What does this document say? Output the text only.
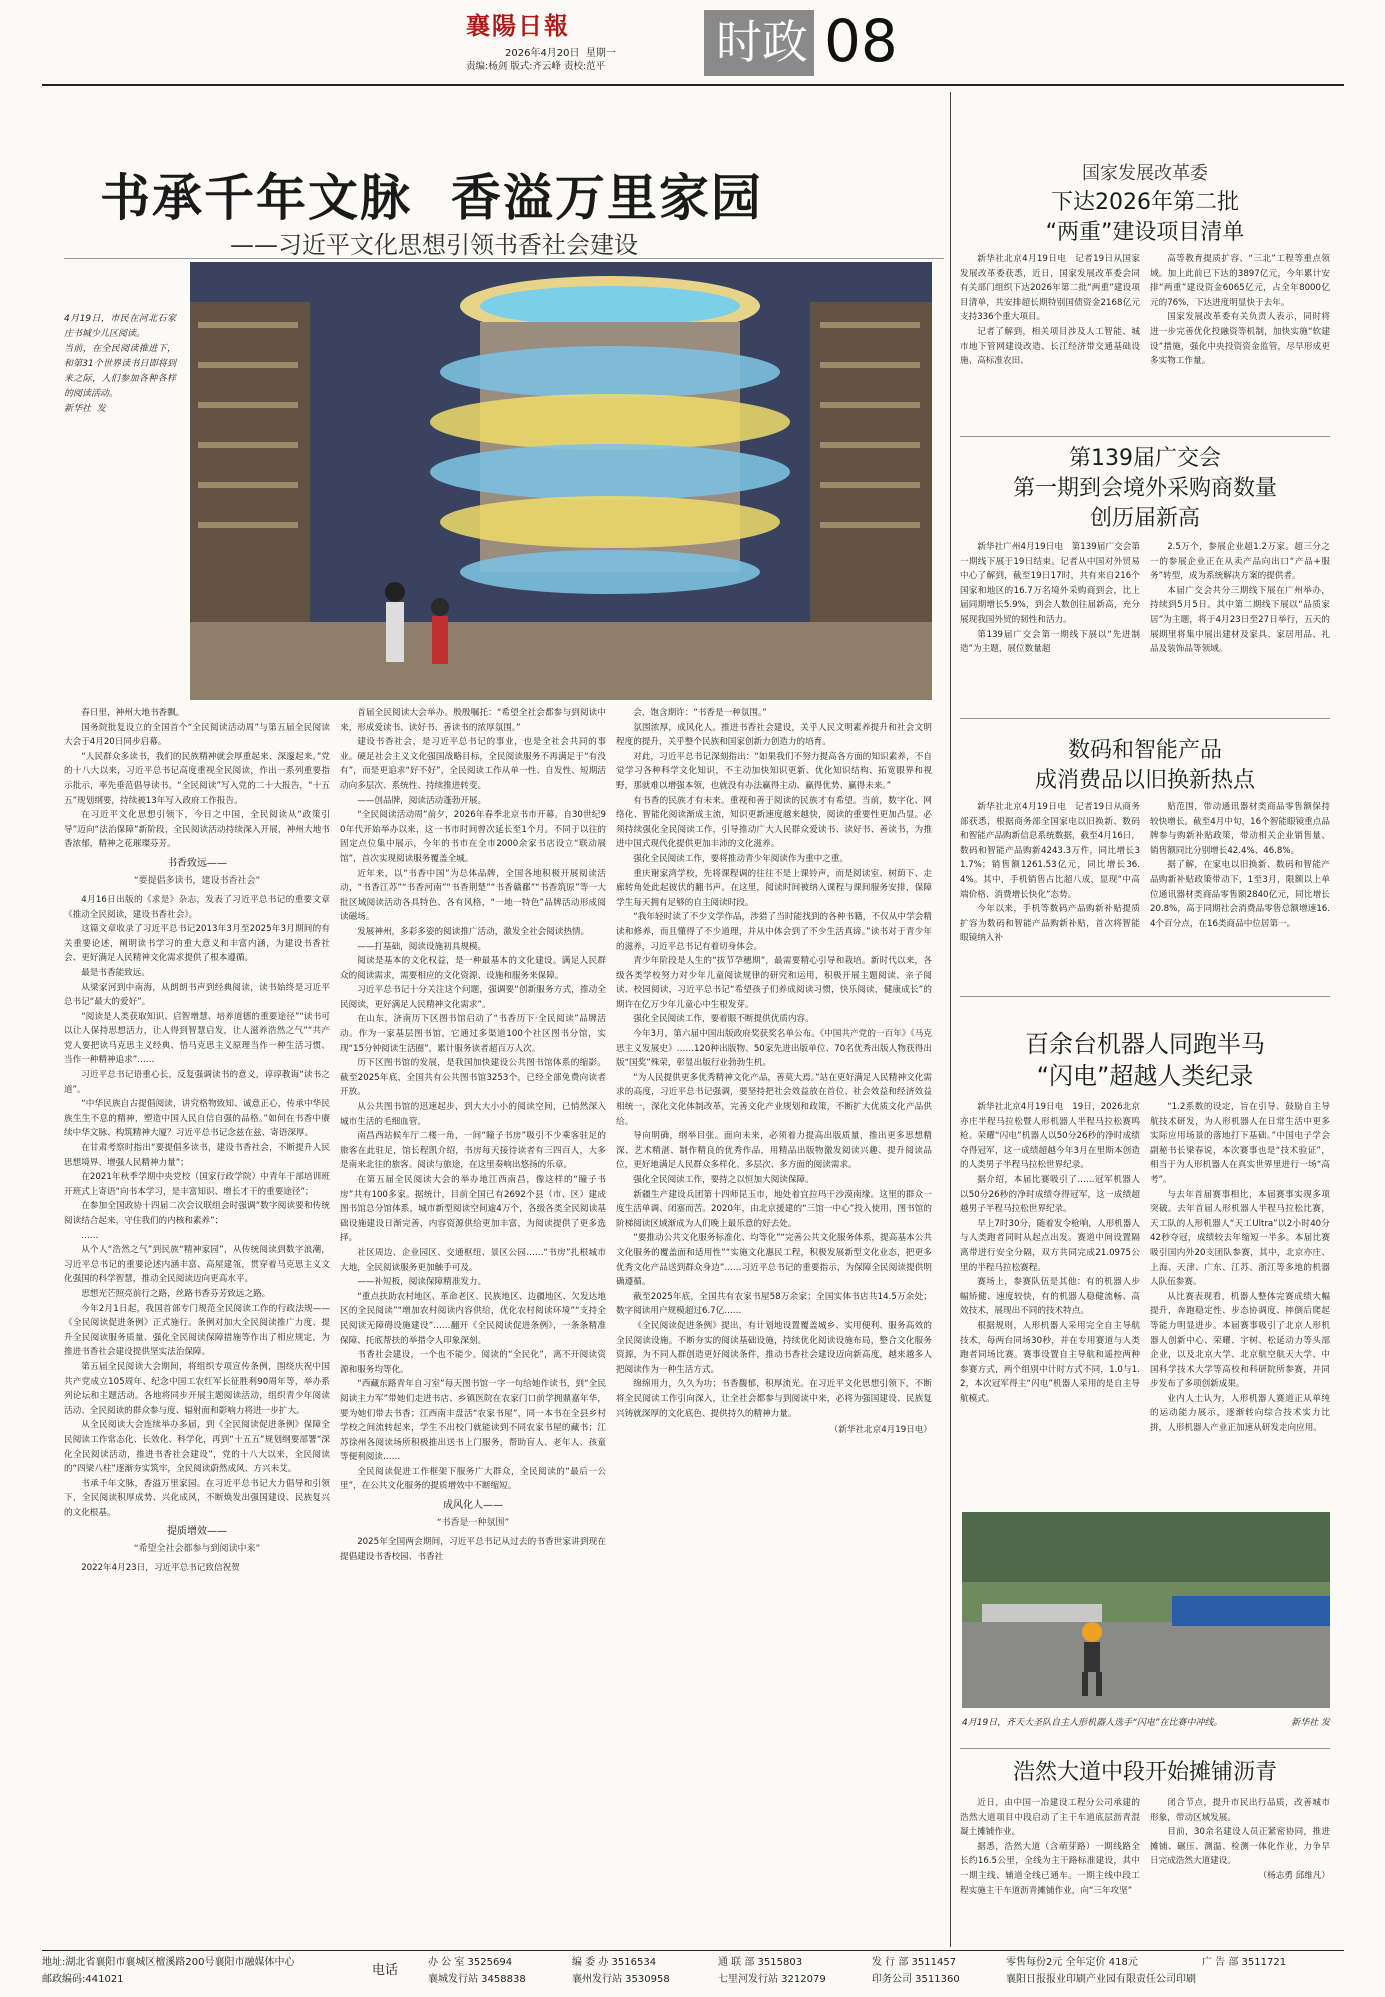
襄陽日報
2026年4月20日 星期一
责编:杨剑 版式:齐云峰 责校:范平	时政 08
书承千年文脉  香溢万里家园
——习近平文化思想引领书香社会建设
4月19日，市民在河北石家庄书城少儿区阅读。
当前，在全民阅读推进下，和第31个世界读书日即将到来之际，人们参加各种各样的阅读活动。
新华社  发

春日里，神州大地书香飘。

国务院批复设立的全国首个“全民阅读活动周”与第五届全民阅读大会于4月20日同步启幕。

“人民群众多读书，我们的民族精神就会厚重起来、深邃起来。”党的十八大以来，习近平总书记高度重视全民阅读，作出一系列重要指示批示，率先垂范倡导读书。“全民阅读”写入党的二十大报告，“十五五”规划纲要，持续被13年写入政府工作报告。

在习近平文化思想引领下，今日之中国，全民阅读从“政策引导”迈向“法治保障”新阶段，全民阅读活动持续深入开展，神州大地书香浓郁，精神之花璀璨芬芳。

书香致远——
“要提倡多读书，建设书香社会”

4月16日出版的《求是》杂志，发表了习近平总书记的重要文章《推动全民阅读，建设书香社会》。

这篇文章收录了习近平总书记2013年3月至2025年3月期间的有关重要论述，阐明读书学习的重大意义和丰富内涵，为建设书香社会、更好满足人民精神文化需求提供了根本遵循。

最是书香能致远。

从梁家河到中南海，从朗朗书声到经典阅读，读书始终是习近平总书记“最大的爱好”。

“阅读是人类获取知识、启智增慧、培养道德的重要途径”“读书可以让人保持思想活力，让人得到智慧启发，让人滋养浩然之气”“共产党人要把读马克思主义经典、悟马克思主义原理当作一种生活习惯、当作一种精神追求”……

习近平总书记语重心长，反复强调读书的意义，谆谆教诲“读书之道”。

“中华民族自古提倡阅读，讲究格物致知、诚意正心，传承中华民族生生不息的精神，塑造中国人民自信自强的品格。”如何在书香中赓续中华文脉、构筑精神大厦？习近平总书记念兹在兹、寄语深厚。

在甘肃考察时指出“要提倡多读书，建设书香社会，不断提升人民思想境界、增强人民精神力量”；

在2021年秋季学期中央党校（国家行政学院）中青年干部培训班开班式上寄语“向书本学习，是丰富知识、增长才干的重要途径”；

在参加全国政协十四届二次会议联组会时强调“数字阅读要和传统阅读结合起来，守住我们的内核和素养”；

……

从个人“浩然之气”到民族“精神家园”，从传统阅读到数字浪潮，习近平总书记的重要论述内涵丰富、高屋建瓴，贯穿着马克思主义文化强国的科学智慧，推动全民阅读迈向更高水平。

思想光芒照亮前行之路，丝路书香芬芳致远之路。

今年2月1日起，我国首部专门规范全民阅读工作的行政法规——《全民阅读促进条例》正式施行。条例对加大全民阅读推广力度、提升全民阅读服务质量、强化全民阅读保障措施等作出了相应规定，为推进书香社会建设提供坚实法治保障。

第五届全民阅读大会期间，将组织专项宣传条例，围绕庆祝中国共产党成立105周年、纪念中国工农红军长征胜利90周年等，举办系列论坛和主题活动。各地将同步开展主题阅读活动，组织青少年阅读活动、全民阅读的群众参与度、辐射面和影响力将进一步扩大。

从全民阅读大会连续举办多届，到《全民阅读促进条例》保障全民阅读工作常态化、长效化、科学化，再到“十五五”规划纲要部署“深化全民阅读活动，推进书香社会建设”，党的十八大以来，全民阅读的“四梁八柱”逐渐夯实筑牢，全民阅读蔚然成风、方兴未艾。

书承千年文脉，香溢万里家园。在习近平总书记大力倡导和引领下，全民阅读积厚成势、兴化成风，不断焕发出强国建设、民族复兴的文化根基。

提质增效——
“希望全社会都参与到阅读中来”

2022年4月23日，习近平总书记致信祝贺

首届全民阅读大会举办。殷殷嘱托：“希望全社会都参与到阅读中来，形成爱读书、读好书、善读书的浓厚氛围。”

建设书香社会，是习近平总书记的事业，也是全社会共同的事业。硬足社会主义文化强国战略目标，全民阅读服务不再满足于“有没有”，而是更追求“好不好”，全民阅读工作从单一性、自发性、短期活动向多层次、系统性、持续推进转变。

——创品牌，阅读活动蓬勃开展。

“全民阅读活动周”前夕，2026年春季北京书市开幕。自30世纪90年代开始举办以来，这一书市时间曾次延长至1个月。不同于以往的固定点位集中展示，今年的书市在全市2000余家书店设立“联动展馆”，首次实现阅读服务覆盖全城。

近年来，以“书香中国”为总体品牌，全国各地积极开展阅读活动，“书香江苏”“书香河南”“书香荆楚”“书香赣鄱”“书香筑原”等一大批区域阅读活动各具特色、各有风格，“一地一特色”品牌活动形成阅读磁场。

发展神州，多彩多姿的阅读推广活动，激发全社会阅读热情。

——打基础，阅读设施初具规模。

阅读是基本的文化权益，是一种最基本的文化建设。满足人民群众的阅读需求，需要相应的文化资源、设施和服务来保障。

习近平总书记十分关注这个问题，强调要“创新服务方式，推动全民阅读，更好满足人民精神文化需求”。

在山东，济南历下区图书馆启动了“书香历下·全民阅读”品牌活动。作为一家基层图书馆，它通过多渠道100个社区图书分馆，实现“15分钟阅读生活圈”，累计服务读者超百万人次。

历下区图书馆的发展，是我国加快建设公共图书馆体系的缩影。截至2025年底，全国共有公共图书馆3253个，已经全部免费向读者开放。

从公共图书馆的迅速起步，到大大小小的阅读空间，已悄然深入城市生活的毛细血管。

南昌西站候车厅二楼一角，一间“瞳子书房”吸引不少乘客驻足的旅客在此驻足，馆长程凯介绍，书房每天接待读者有三四百人，大多是南来北往的旅客。阅读与旅途，在这里奏响出悠扬的乐章。

在第五届全民阅读大会的举办地江西南昌，像这样的“瞳子书房”共有100多家。据统计，目前全国已有2692个县（市、区）建成图书馆总分馆体系，城市新型阅读空间逾4万个，各级各类全民阅读基础设施建设日渐完善，内容资源供给更加丰富，为阅读提供了更多选择。

社区周边、企业园区、交通枢纽、景区公园……“书房”扎根城市大地，全民阅读服务更加触手可及。

——补短板，阅读保障精准发力。

“重点扶助农村地区、革命老区、民族地区、边疆地区、欠发达地区的全民阅读”“增加农村阅读内容供给，优化农村阅读环境”“支持全民阅读无障碍设施建设”……翻开《全民阅读促进条例》，一条条精准保障、托底帮扶的举措令人印象深刻。

书香社会建设，一个也不能少。阅读的“全民化”，离不开阅读资源和服务均等化。

“西藏东路青年自习室”每天图书馆一字一句给她作读书，到“全民阅读主力军”带她们走进书店、乡镇医院在农家门口前学拥鼎嘉年华，要为她们带去书香；江西南丰盘活“农家书屋”，同一本书在全县乡村学校之间流转起来，学生不出校门就能读到不同农家书屋的藏书；江苏徐州各阅读场所积极推出送书上门服务，帮助盲人、老年人、孩童等便利阅读……

全民阅读促进工作框架下服务广大群众，全民阅读的“最后一公里”，在公共文化服务的提质增效中不断缩短。

成风化人——
“书香是一种氛围”

2025年全国两会期间，习近平总书记从过去的书香世家讲到现在提倡建设书香校园、书香社

会，饱含期许：“书香是一种氛围。”

氛围浓厚，成风化人。推进书香社会建设，关乎人民文明素养提升和社会文明程度的提升，关乎整个民族和国家创新力创造力的培育。

对此，习近平总书记深刻指出：“如果我们不努力提高各方面的知识素养，不自觉学习各种科学文化知识，不主动加快知识更新、优化知识结构、拓宽眼界和视野，那就难以增强本领，也就没有办法赢得主动、赢得优势、赢得未来。”

有书香的民族才有未来。重视和善于阅读的民族才有希望。当前，数字化、网络化、智能化阅读渐成主流，知识更新速度越来越快，阅读的重要性更加凸显。必须持续强化全民阅读工作，引导推动广大人民群众爱读书、读好书、善读书，为推进中国式现代化提供更加丰沛的文化滋养。

强化全民阅读工作，要将推动青少年阅读作为重中之重。

重庆谢家湾学校，先将课程调的往往不是上课铃声，而是阅读室、树荫下、走廊转角处此起彼伏的翻书声。在这里，阅读时间被纳入课程与课间服务安排，保障学生每天拥有足够的自主阅读时段。

“我年轻时读了不少文学作品，涉猎了当时能找到的各种书籍，不仅从中学会精读和修养，而且懂得了不少道理，并从中体会到了不少生活真谛。”读书对于青少年的滋养，习近平总书记有着切身体会。

青少年阶段是人生的“拔节孕穗期”，最需要精心引导和栽培。新时代以来，各级各类学校努力对少年儿童阅读规律的研究和运用，积极开展主题阅读、亲子阅读、校园阅读，习近平总书记“希望孩子们养成阅读习惯，快乐阅读，健康成长”的期许在亿万少年儿童心中生根发芽。

强化全民阅读工作，要着眼不断提供优质内容。

今年3月，第六届中国出版政府奖获奖名单公布。《中国共产党的一百年》《马克思主义发展史》……120种出版物、50家先进出版单位、70名优秀出版人物获得出版“国奖”殊荣，彰显出版行业勃勃生机。

“为人民提供更多优秀精神文化产品，善莫大焉。”站在更好满足人民精神文化需求的高度，习近平总书记强调，要坚持把社会效益放在首位、社会效益和经济效益相统一，深化文化体制改革，完善文化产业规划和政策，不断扩大优质文化产品供给。

导向明确，纲举目张。面向未来，必须着力提高出版质量，推出更多思想精深、艺术精湛、制作精良的优秀作品，用精品出版物激发阅读兴趣、提升阅读品位，更好地满足人民群众多样化、多层次、多方面的阅读需求。

强化全民阅读工作，要持之以恒加大阅读保障。

新疆生产建设兵团第十四师昆玉市，地处着宜拉玛干沙漠南缘。这里的群众一度生活单调、闭塞而苦。2020年，由北京援建的“三馆一中心”投入使用，图书馆的阶梯阅读区域渐成为人们晚上最乐意的好去处。

“要推动公共文化服务标准化、均等化”“完善公共文化服务体系，提高基本公共文化服务的覆盖面和适用性”“实施文化惠民工程，积极发展新型文化业态，把更多优秀文化产品送到群众身边”……习近平总书记的重要指示，为保障全民阅读提供明确遵循。

截至2025年底，全国共有农家书屋58万余家；全国实体书店共14.5万余处；数字阅读用户规模超过6.7亿……

《全民阅读促进条例》提出，有计划地设置覆盖城乡、实用便利、服务高效的全民阅读设施。不断夯实的阅读基础设施，持续优化阅读设施布局，整合文化服务资源，为不同人群创造更好阅读条件，推动书香社会建设迈向新高度，越来越多人把阅读作为一种生活方式。

绵绵用力，久久为功；书香馥郁，积厚流光。在习近平文化思想引领下，不断将全民阅读工作引向深入，让全社会都参与到阅读中来，必将为强国建设、民族复兴铸就深厚的文化底色、提供持久的精神力量。

（新华社北京4月19日电）
国家发展改革委
下达2026年第二批
“两重”建设项目清单

新华社北京4月19日电　记者19日从国家发展改革委获悉，近日，国家发展改革委会同有关部门组织下达2026年第二批“两重”建设项目清单，共安排超长期特别国债资金2168亿元支持336个重大项目。

记者了解到，相关项目涉及人工智能、城市地下管网建设改造、长江经济带交通基础设施、高标准农田、

高等教育提质扩容、“三北”工程等重点领域。加上此前已下达的3897亿元，今年累计安排“两重”建设资金6065亿元，占全年8000亿元的76%，下达进度明显快于去年。

国家发展改革委有关负责人表示，同时将进一步完善优化投融资等机制，加快实施“软建设”措施，强化中央投资资金监管，尽早形成更多实物工作量。

第139届广交会
第一期到会境外采购商数量
创历届新高

新华社广州4月19日电　第139届广交会第一期线下展于19日结束。记者从中国对外贸易中心了解到，截至19日17时，共有来自216个国家和地区的16.7万名境外采购商到会，比上届同期增长5.9%，到会人数创往届新高，充分展现我国外贸的韧性和活力。

第139届广交会第一期线下展以“先进制造”为主题，展位数量超

2.5万个，参展企业超1.2万家。超三分之一的参展企业正在从卖产品向出口“产品+服务”转型，成为系统解决方案的提供者。

本届广交会共分三期线下展在广州举办，持续到5月5日。其中第二期线下展以“品质家居”为主题，将于4月23日至27日举行，五天的展期里将集中展出建材及家具、家居用品、礼品及装饰品等领域。

数码和智能产品
成消费品以旧换新热点

新华社北京4月19日电　记者19日从商务部获悉，根据商务部全国家电以旧换新、数码和智能产品购新信息系统数据，截至4月16日，数码和智能产品购新4243.3万件，同比增长31.7%；销售额1261.53亿元，同比增长36.4%。其中，手机销售占比超八成，显现“中高端价格、消费增长快化”态势。

今年以来，手机等数码产品购新补贴提质扩容为数码和智能产品购新补贴，首次将智能眼镜纳入补

贴范围，带动通讯器材类商品零售额保持较快增长。截至4月中旬，16个智能眼镜重点品牌参与购新补贴政策，带动相关企业销售量、销售额同比分别增长42.4%、46.8%。

据了解，在家电以旧换新、数码和智能产品购新补贴政策带动下，1至3月，限额以上单位通讯器材类商品零售额2840亿元，同比增长20.8%，高于同期社会消费品零售总额增速16.4个百分点，在16类商品中位居第一。

百余台机器人同跑半马
“闪电”超越人类纪录

新华社北京4月19日电　19日，2026北京亦庄半程马拉松暨人形机器人半程马拉松赛鸣枪。荣耀“闪电”机器人以50分26秒的净时成绩夺得冠军，这一成绩超越今年3月在里斯本创造的人类男子半程马拉松世界纪录。

据介绍，本届比赛吸引了……冠军机器人以50分26秒的净时成绩夺得冠军，这一成绩超越男子半程马拉松世界纪录。

早上7时30分，随着发令枪响，人形机器人与人类跑者同时从起点出发。赛道中间设置隔离带进行安全分隔，双方共同完成21.0975公里的半程马拉松赛程。

赛场上，参赛队伍是其他：有的机器人步幅矫健、速度较快，有的机器人稳健流畅、高效技术，展现出不同的技术特点。

根据规则，人形机器人采用完全自主导航技术，每两台同场30秒，并在专用赛道与人类跑者同场比赛。赛事设置自主导航和遥控两种参赛方式，两个组别中计时方式不同，1.0与1.2，本次冠军得主“闪电”机器人采用的是自主导航模式。

“1.2系数的设定，旨在引导、鼓励自主导航技术研发，为人形机器人在日常生活中更多实际应用场景的落地打下基础。”中国电子学会副秘书长梁春说，本次赛事也是“技术验证”，相当于为人形机器人在真实世界里进行一场“高考”。

与去年首届赛事相比，本届赛事实现多项突破。去年首届人形机器人半程马拉松比赛，天工队的人形机器人“天工Ultra”以2小时40分42秒夺冠，成绩较去年缩短一半多。本届比赛吸引国内外20支团队参赛，其中，北京亦庄、上海、天津、广东、江苏、浙江等多地的机器人队伍参赛。

从比赛表现看，机器人整体完赛成绩大幅提升，奔跑稳定性、步态协调度、摔倒后爬起等能力明显进步。本届赛事吸引了北京人形机器人创新中心、荣耀、宇树、松延动力等头部企业，以及北京大学、北京航空航天大学、中国科学技术大学等高校和科研院所参赛，并同步发布了多项创新成果。

业内人士认为，人形机器人赛道正从单纯的运动能力展示，逐渐转向综合技术实力比拼，人形机器人产业正加速从研发走向应用。

4月19日，齐天大圣队自主人形机器人选手“闪电”在比赛中冲线。	新华社 发
浩然大道中段开始摊铺沥青

近日，由中国一冶建设工程分公司承建的浩然大道项目中段启动了主干车道底层沥青混凝土摊铺作业。

据悉，浩然大道（含萌芽路）一期线路全长约16.5公里，全线为主干路标准建设，其中一期主线、辅道全线已通车。一期主线中段工程实施主干车道沥青摊铺作业，向“三年攻坚”

闭合节点，提升市民出行品质，改善城市形象，带动区域发展。

目前，30余名建设人员正紧密协同，推进摊铺、碾压、测温、检测一体化作业，力争早日完成浩然大道建设。

（杨志勇 邱维凡）
地址:湖北省襄阳市襄城区檀溪路200号襄阳市融媒体中心
邮政编码:441021
电话
办 公 室 3525694
襄城发行站 3458838
编 委 办 3516534
襄州发行站 3530958
通 联 部 3515803
七里河发行站 3212079
发 行 部 3511457
印务公司 3511360
零售每份2元 全年定价 418元
襄阳日报报业印刷产业园有限责任公司印刷
广 告 部 3511721
